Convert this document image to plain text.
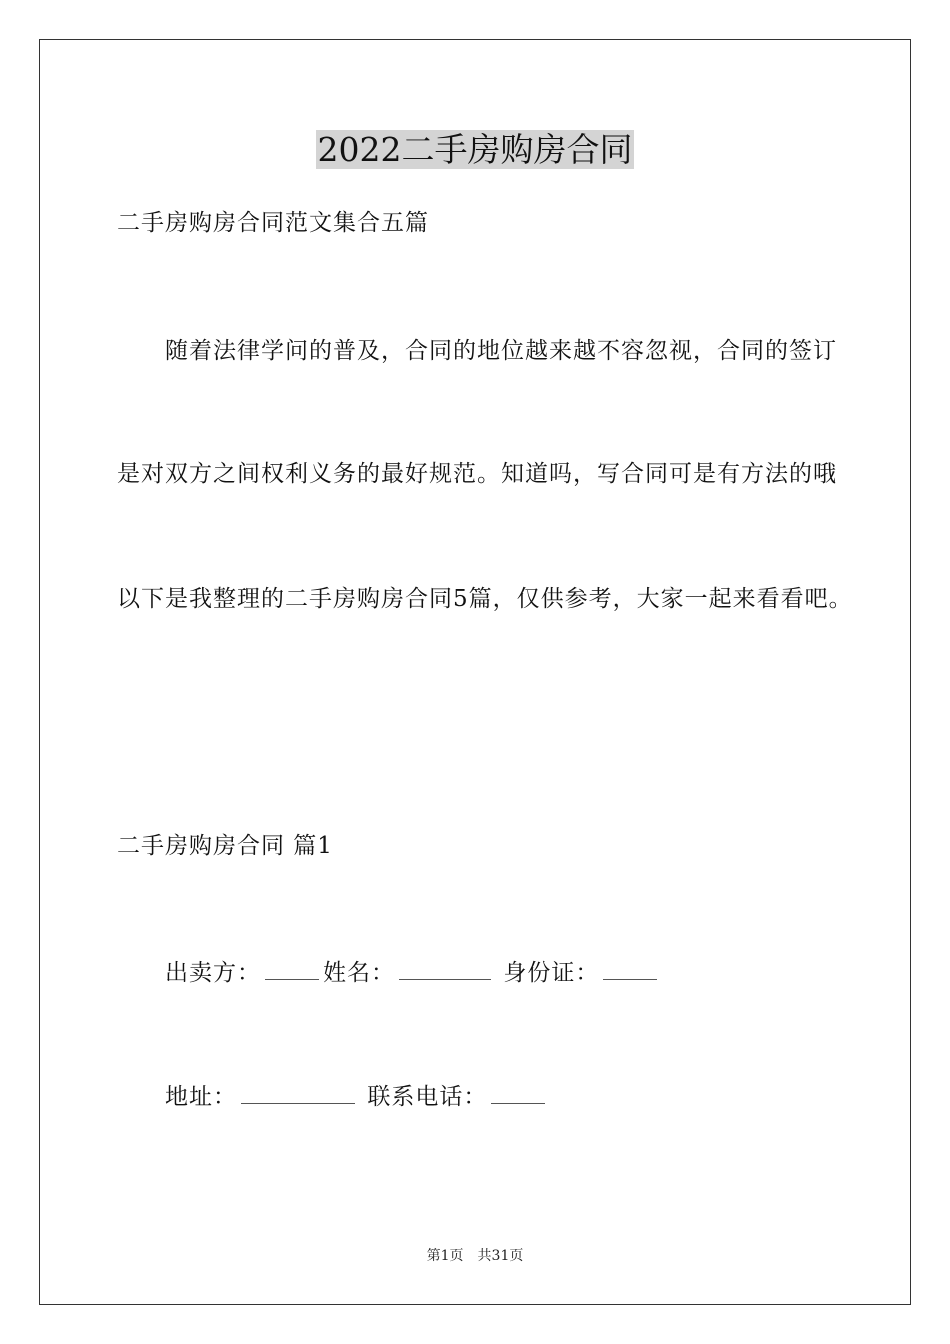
2022二手房购房合同

二手房购房合同范文集合五篇

随着法律学问的普及，合同的地位越来越不容忽视，合同的签订

是对双方之间权利义务的最好规范。知道吗，写合同可是有方法的哦

以下是我整理的二手房购房合同5篇，仅供参考，大家一起来看看吧。

二手房购房合同 篇1

出卖方：	姓名：	身份证：

地址：	联系电话：

第1页 共31页
